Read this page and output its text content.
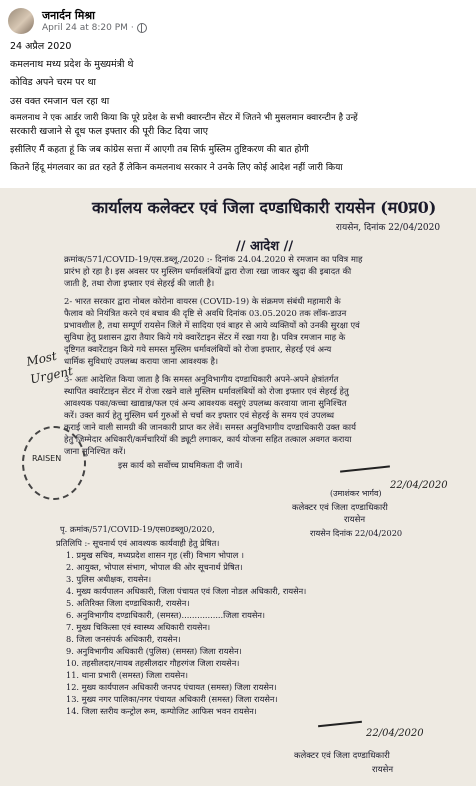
जनार्दन मिश्रा
April 24 at 8:20 PM ·
24 अप्रैल 2020
कमलनाथ मध्य प्रदेश के मुख्यमंत्री थे
कोविड अपने चरम पर था
उस वक्त रमजान चल रहा था
कमलनाथ ने एक आर्डर जारी किया कि पूरे प्रदेश के सभी क्वारन्टीन सेंटर में जितने भी मुसलमान क्वारन्टीन है उन्हें
सरकारी खजाने से दूध फल इफ्तार की पूरी किट दिया जाए
इसीलिए मैं कहता हूं कि जब कांग्रेस सत्ता में आएगी तब सिर्फ मुस्लिम तुष्टिकरण की बात होगी
कितने हिंदू मंगलवार का व्रत रहते हैं लेकिन कमलनाथ सरकार ने उनके लिए कोई आदेश नहीं जारी किया
कार्यालय कलेक्टर एवं जिला दण्डाधिकारी रायसेन (म0प्र0)
रायसेन, दिनांक 22/04/2020
// आदेश //
क्रमांक/571/COVID-19/एस.डब्लू./2020 :- दिनांक 24.04.2020 से रमजान का पवित्र माह
प्रारंभ हो रहा है। इस अवसर पर मुस्लिम धर्मावलंबियों द्वारा रोजा रखा जाकर खुदा की इबादत की
जाती है, तथा रोजा इफ्तार एवं सेहरई की जाती है।
2- भारत सरकार द्वारा नोबल कोरोना वायरस (COVID-19) के संक्रमण संबंधी महामारी के
फैलाव को नियंत्रित करने एवं बचाव की दृष्टि से अवधि दिनांक 03.05.2020 तक लॉक-डाउन
प्रभावशील है, तथा सम्पूर्ण रायसेन जिले में सादिया एवं बाहर से आये व्यक्तियों को उनकी सुरक्षा एवं
सुविधा हेतु प्रशासन द्वारा तैयार किये गये क्वारेंटाइन सेंटर में रखा गया है। पवित्र रमजान माह के
दृष्टिगत क्वारेंटाइन किये गये समस्त मुस्लिम धर्मावलंबियों को रोजा इफ्तार, सेहरई एवं अन्य
धार्मिक सुविधाएं उपलब्ध कराया जाना आवश्यक है।
3- अतः आदेशित किया जाता है कि समस्त अनुविभागीय दण्डाधिकारी अपने-अपने क्षेत्रांतर्गत
स्थापित क्वारेंटाइन सेंटर में रोजा रखने वाले मुस्लिम धर्मावलंबियों को रोजा इफ्तार एवं सेहरई हेतु
आवश्यक पका/कच्चा खाद्यान्न/फल एवं अन्य आवश्यक वस्तुएं उपलब्ध करवाया जाना सुनिश्चित
करें। उक्त कार्य हेतु मुस्लिम धर्म गुरुओं से चर्चा कर इफ्तार एवं सेहरई के समय एवं उपलब्ध
कराई जाने वाली सामग्री की जानकारी प्राप्त कर लेवें। समस्त अनुविभागीय दण्डाधिकारी उक्त कार्य
हेतु जिम्मेदार अधिकारी/कर्मचारियों की ड्यूटी लगाकर, कार्य योजना सहित तत्काल अवगत कराया
जाना सुनिश्चित करें।
इस कार्य को सर्वोच्च प्राथमिकता दी जावें।
Most Urgent
RAISEN
22/04/2020
(उमाशंकर भार्गव)
कलेक्टर एवं जिला दण्डाधिकारी
रायसेन
पृ. क्रमांक/571/COVID-19/एस0डब्लू0/2020,	रायसेन दिनांक 22/04/2020
प्रतिलिपि :- सूचनार्थ एवं आवश्यक कार्यवाही हेतु प्रेषित।
1. प्रमुख सचिव, मध्यप्रदेश शासन गृह (सी) विभाग भोपाल ।
2. आयुक्त, भोपाल संभाग, भोपाल की ओर सूचनार्थ प्रेषित।
3. पुलिस अधीक्षक, रायसेन।
4. मुख्य कार्यपालन अधिकारी, जिला पंचायत एवं जिला नोडल अधिकारी, रायसेन।
5. अतिरिक्त जिला दण्डाधिकारी, रायसेन।
6. अनुविभागीय दण्डाधिकारी, (समस्त)................जिला रायसेन।
7. मुख्य चिकित्सा एवं स्वास्थ्य अधिकारी रायसेन।
8. जिला जनसंपर्क अधिकारी, रायसेन।
9. अनुविभागीय अधिकारी (पुलिस) (समस्त) जिला रायसेन।
10. तहसीलदार/नायब तहसीलदार गौहरगंज जिला रायसेन।
11. थाना प्रभारी (समस्त) जिला रायसेन।
12. मुख्य कार्यपालन अधिकारी जनपद पंचायत (समस्त) जिला रायसेन।
13. मुख्य नगर पालिका/नगर पंचायत अधिकारी (समस्त) जिला रायसेन।
14. जिला स्तरीय कन्ट्रोल रूम, कम्पोजिट आफिस भवन रायसेन।
22/04/2020
कलेक्टर एवं जिला दण्डाधिकारी
रायसेन
